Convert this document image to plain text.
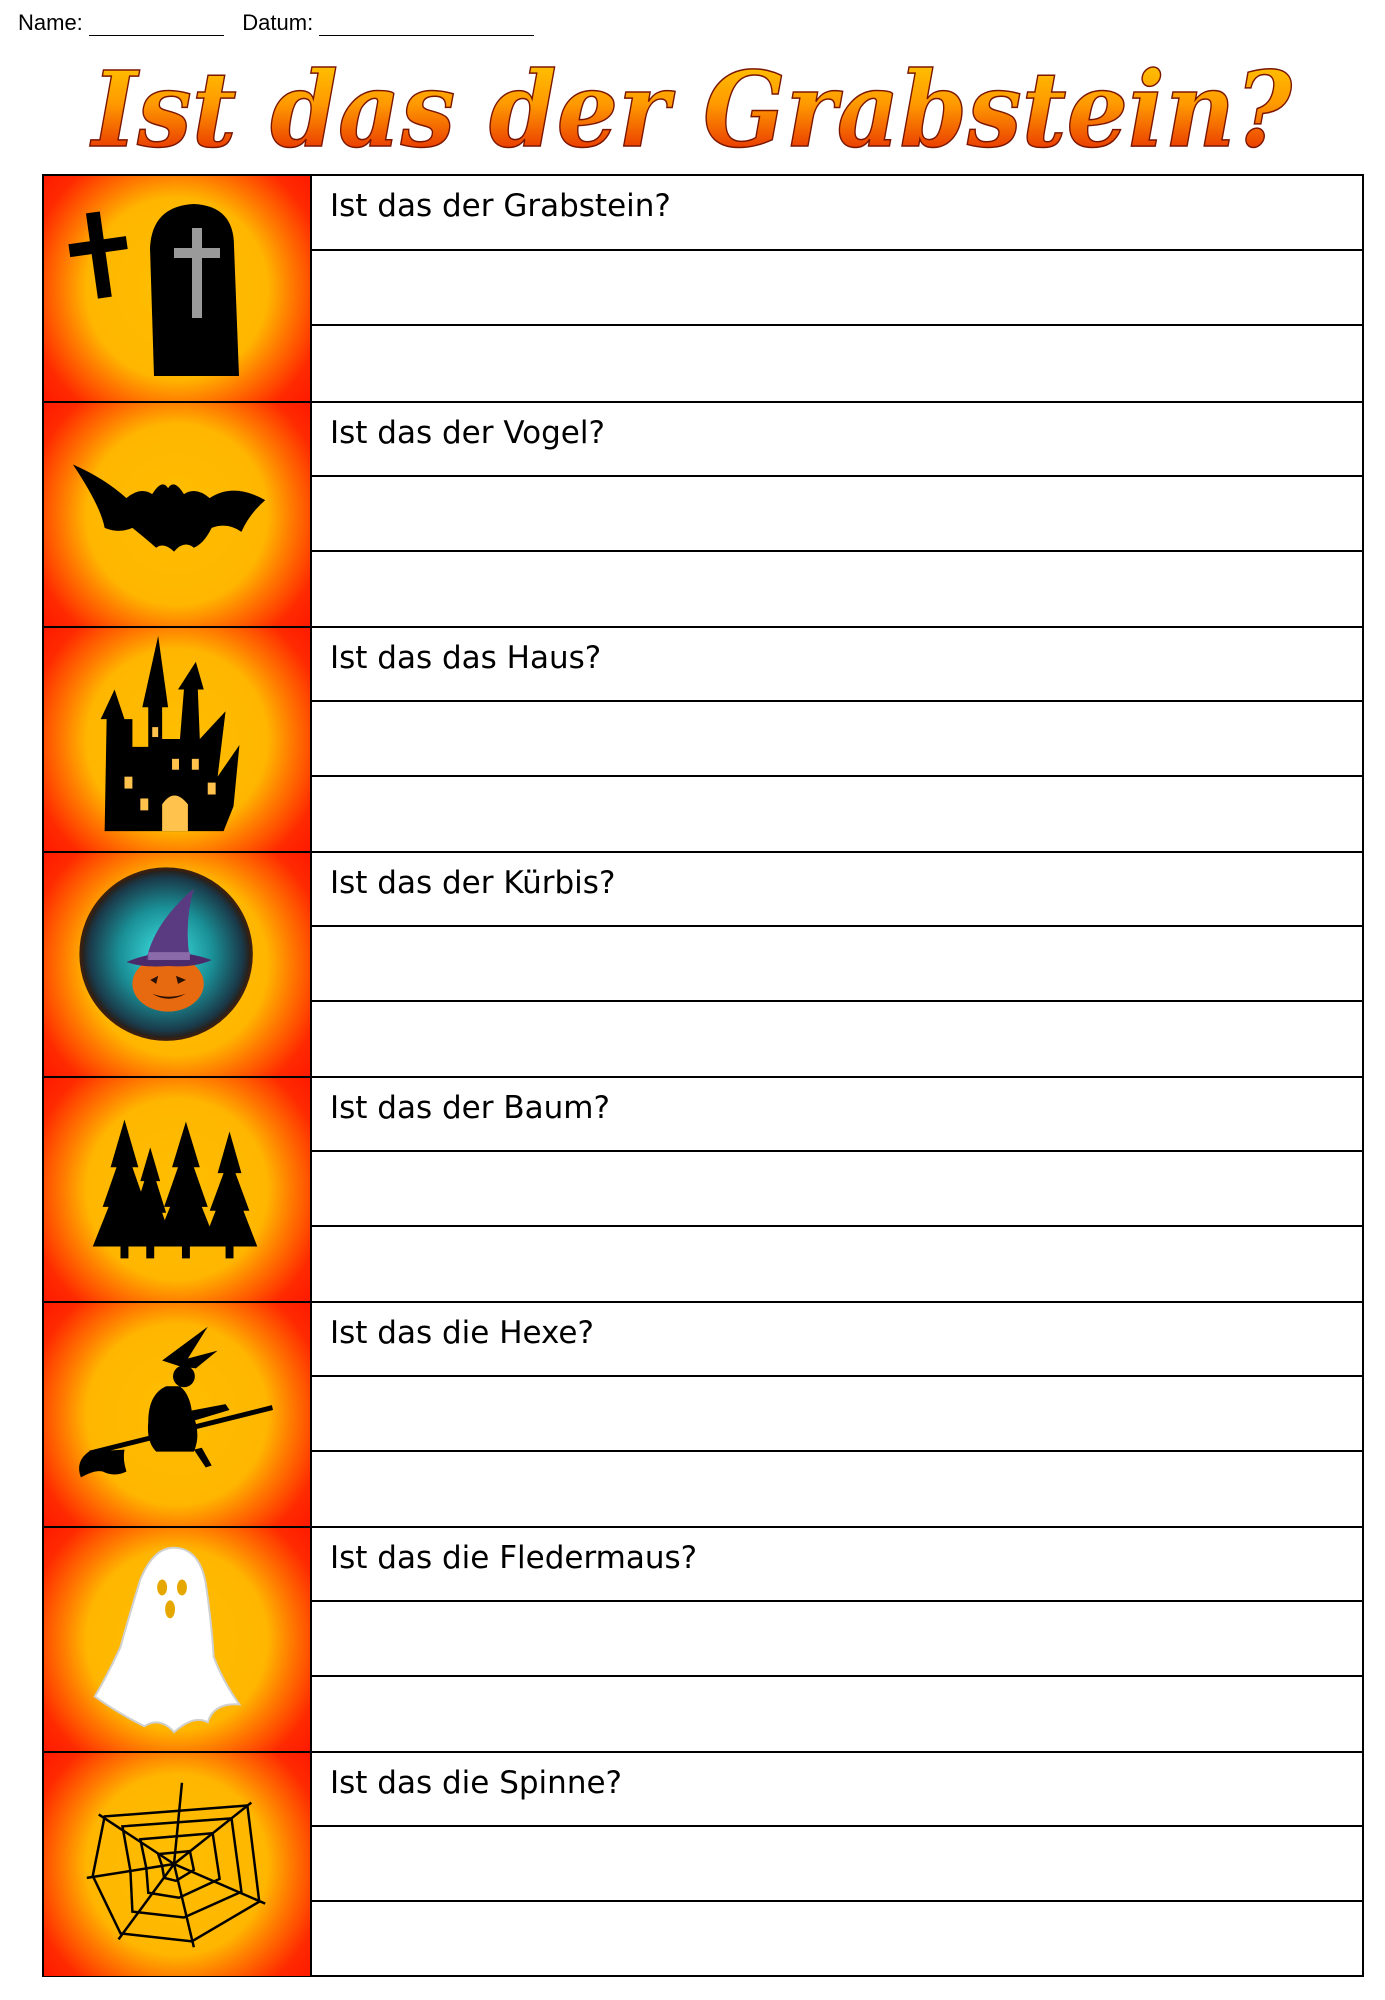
Name:	Datum:
Ist das der Grabstein?
Ist das der Grabstein?
Ist das der Vogel?
Ist das das Haus?
Ist das der Kürbis?
Ist das der Baum?
Ist das die Hexe?
Ist das die Fledermaus?
Ist das die Spinne?
